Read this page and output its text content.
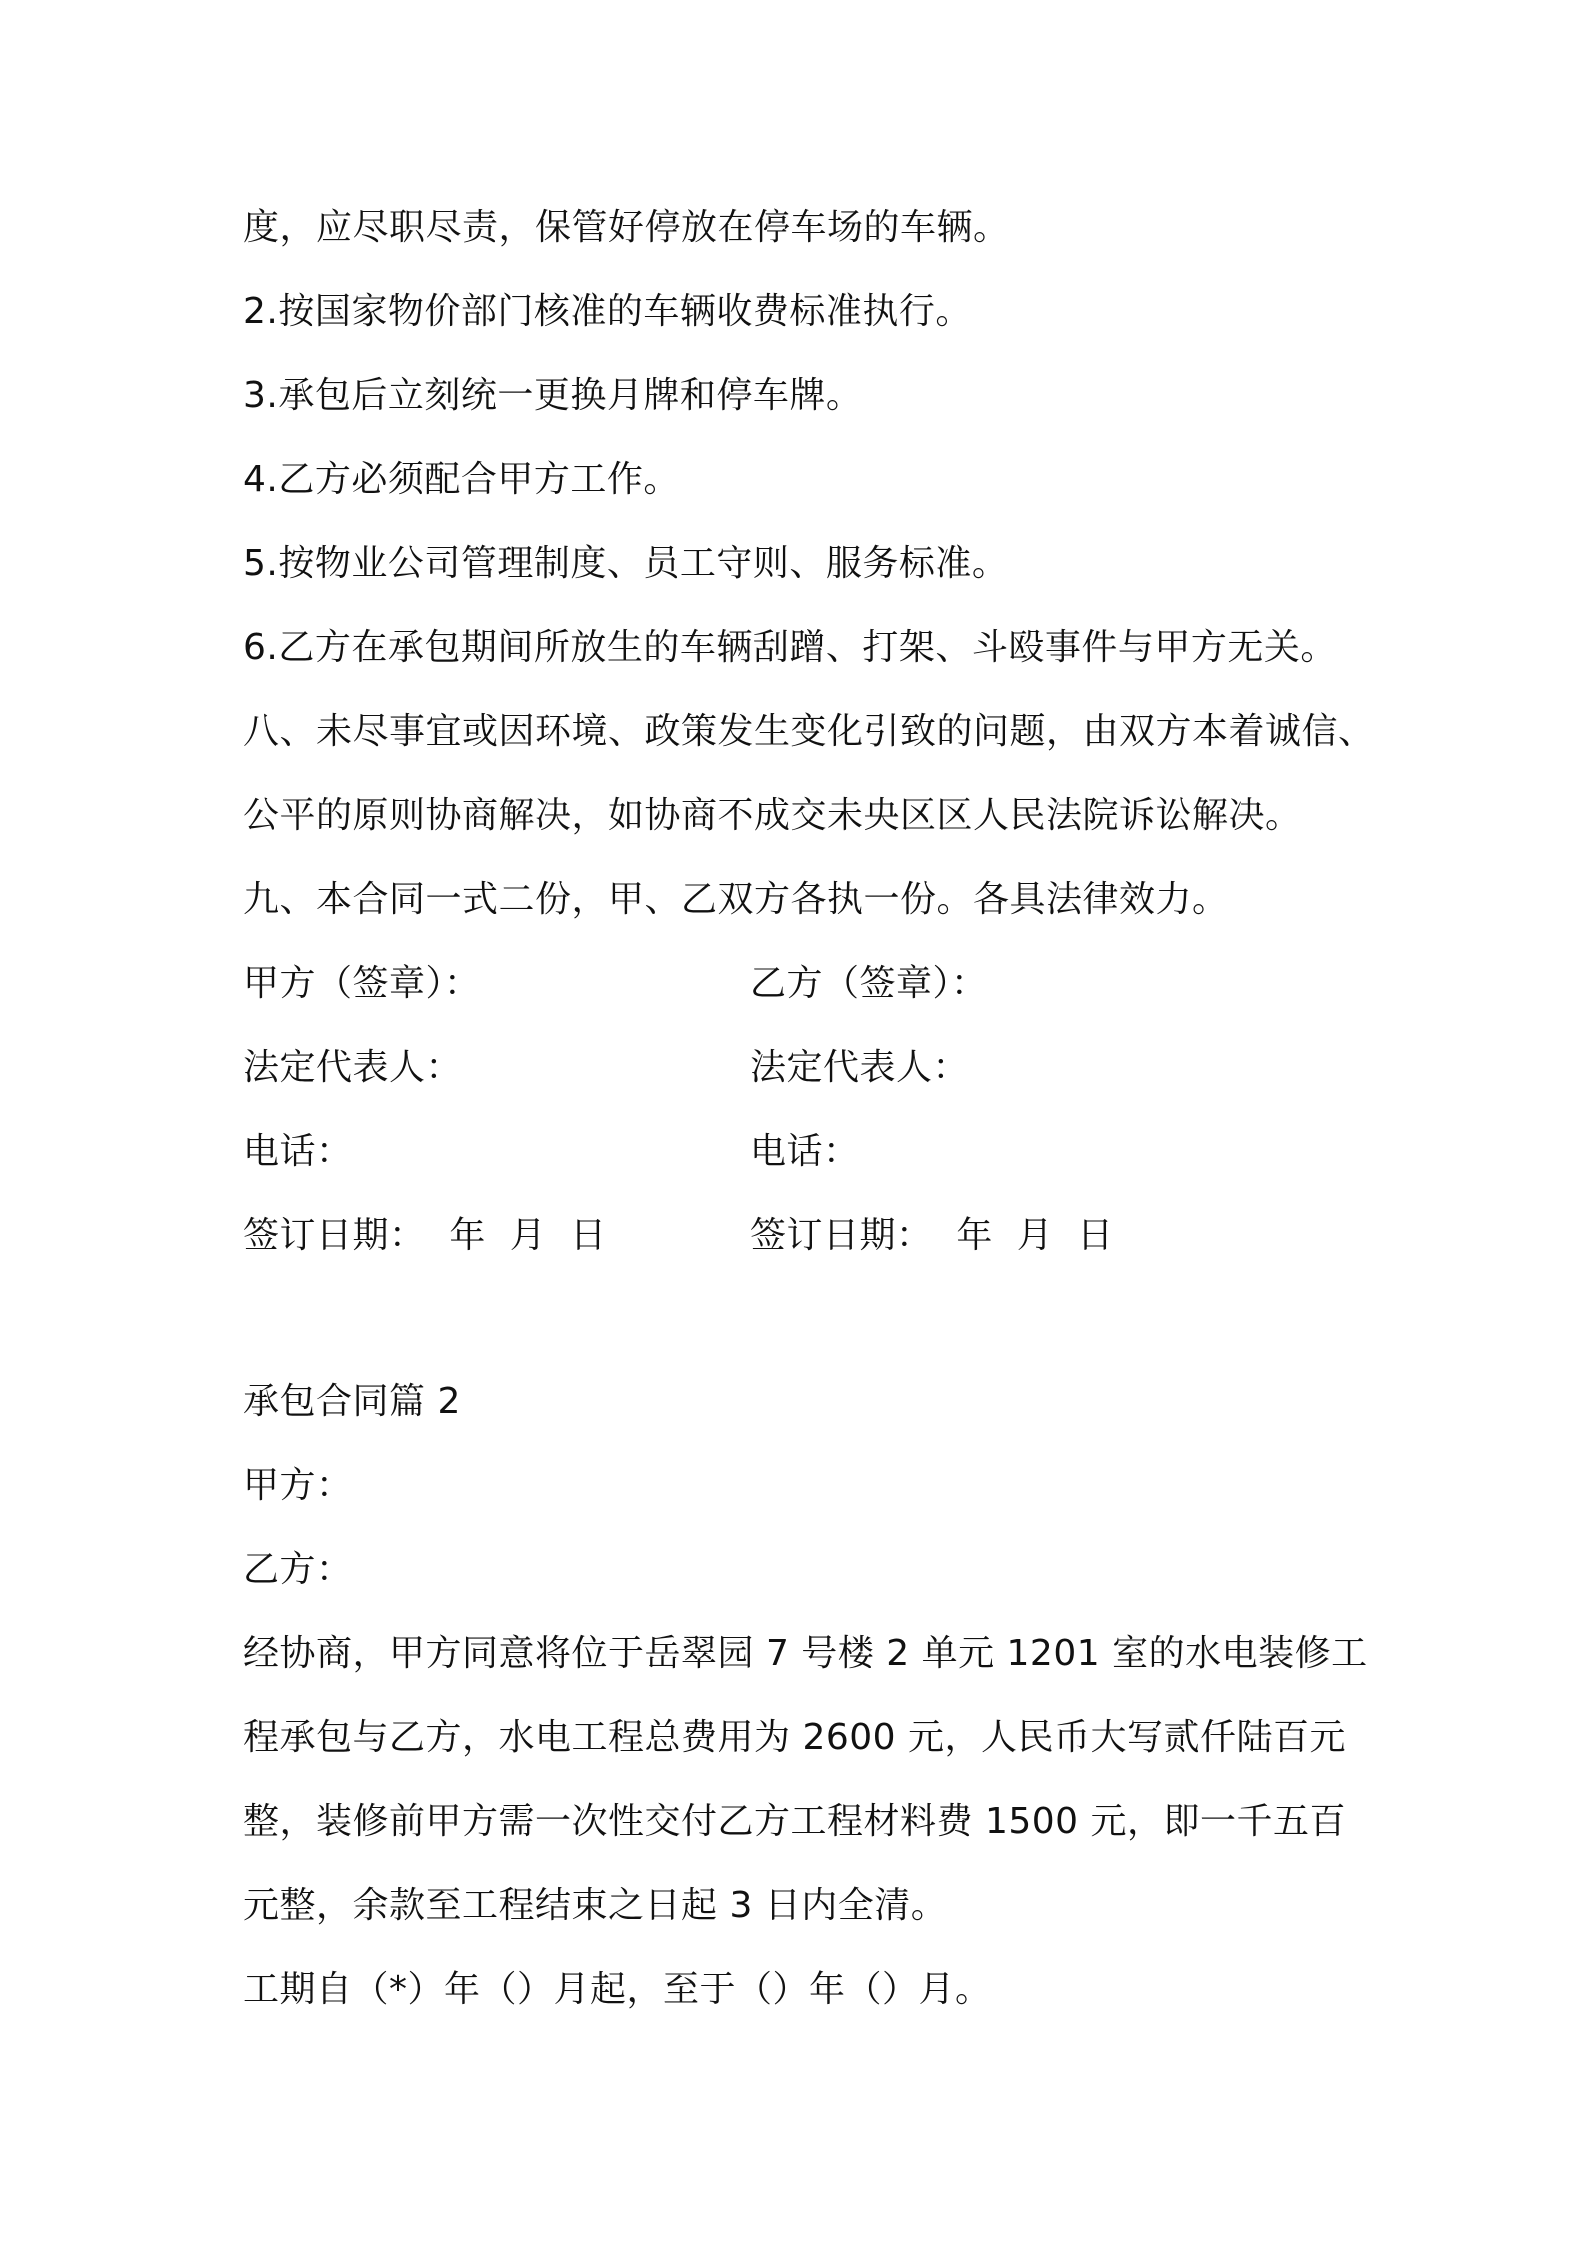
度，应尽职尽责，保管好停放在停车场的车辆。

2.按国家物价部门核准的车辆收费标准执行。

3.承包后立刻统一更换月牌和停车牌。

4.乙方必须配合甲方工作。

5.按物业公司管理制度、员工守则、服务标准。

6.乙方在承包期间所放生的车辆刮蹭、打架、斗殴事件与甲方无关。

八、未尽事宜或因环境、政策发生变化引致的问题，由双方本着诚信、

公平的原则协商解决，如协商不成交未央区区人民法院诉讼解决。

九、本合同一式二份，甲、乙双方各执一份。各具法律效力。

甲方（签章）：	乙方（签章）：

法定代表人：	法定代表人：

电话：	电话：

签订日期：  年  月  日	签订日期：  年  月  日

承包合同篇 2

甲方：

乙方：

经协商，甲方同意将位于岳翠园 7 号楼 2 单元 1201 室的水电装修工

程承包与乙方，水电工程总费用为 2600 元，人民币大写贰仟陆百元

整，装修前甲方需一次性交付乙方工程材料费 1500 元，即一千五百

元整，余款至工程结束之日起 3 日内全清。

工期自（*）年（）月起，至于（）年（）月。
